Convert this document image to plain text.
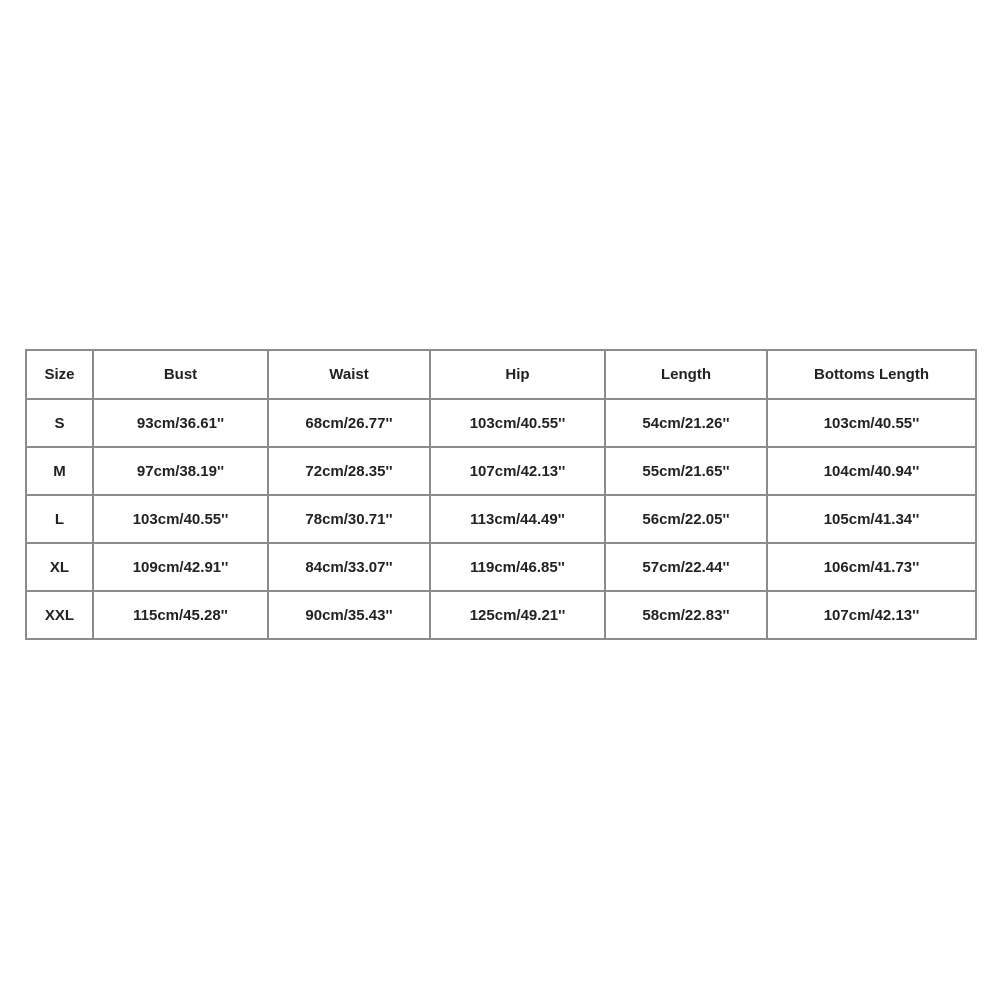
Size	Bust	Waist	Hip	Length	Bottoms Length
S	93cm/36.61''	68cm/26.77''	103cm/40.55''	54cm/21.26''	103cm/40.55''
M	97cm/38.19''	72cm/28.35''	107cm/42.13''	55cm/21.65''	104cm/40.94''
L	103cm/40.55''	78cm/30.71''	113cm/44.49''	56cm/22.05''	105cm/41.34''
XL	109cm/42.91''	84cm/33.07''	119cm/46.85''	57cm/22.44''	106cm/41.73''
XXL	115cm/45.28''	90cm/35.43''	125cm/49.21''	58cm/22.83''	107cm/42.13''
